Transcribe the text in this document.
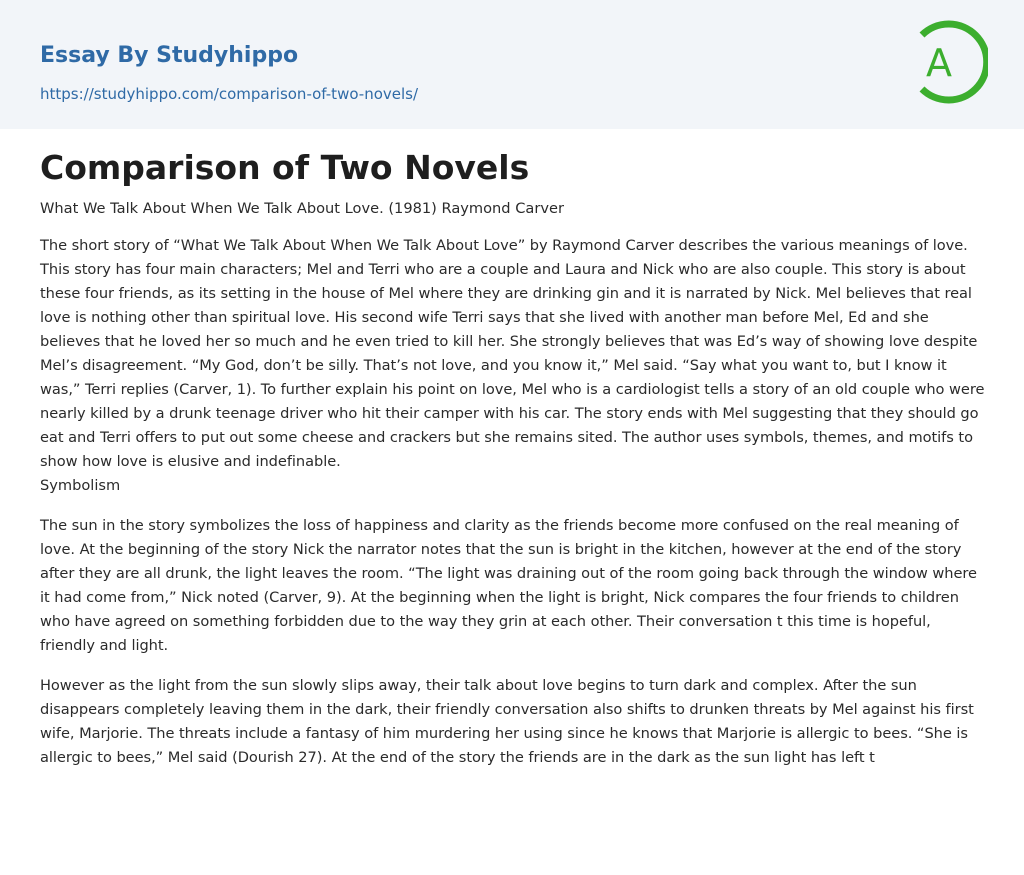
Essay By Studyhippo
https://studyhippo.com/comparison-of-two-novels/
A
Comparison of Two Novels

What We Talk About When We Talk About Love. (1981) Raymond Carver

The short story of “What We Talk About When We Talk About Love” by Raymond Carver describes the various meanings of love. This story has four main characters; Mel and Terri who are a couple and Laura and Nick who are also couple. This story is about these four friends, as its setting in the house of Mel where they are drinking gin and it is narrated by Nick. Mel believes that real love is nothing other than spiritual love. His second wife Terri says that she lived with another man before Mel, Ed and she believes that he loved her so much and he even tried to kill her. She strongly believes that was Ed’s way of showing love despite Mel’s disagreement. “My God, don’t be silly. That’s not love, and you know it,” Mel said. “Say what you want to, but I know it was,” Terri replies (Carver, 1). To further explain his point on love, Mel who is a cardiologist tells a story of an old couple who were nearly killed by a drunk teenage driver who hit their camper with his car. The story ends with Mel suggesting that they should go eat and Terri offers to put out some cheese and crackers but she remains sited. The author uses symbols, themes, and motifs to show how love is elusive and indefinable.

Symbolism

The sun in the story symbolizes the loss of happiness and clarity as the friends become more confused on the real meaning of love. At the beginning of the story Nick the narrator notes that the sun is bright in the kitchen, however at the end of the story after they are all drunk, the light leaves the room. “The light was draining out of the room going back through the window where it had come from,” Nick noted (Carver, 9). At the beginning when the light is bright, Nick compares the four friends to children who have agreed on something forbidden due to the way they grin at each other. Their conversation t this time is hopeful, friendly and light.

However as the light from the sun slowly slips away, their talk about love begins to turn dark and complex. After the sun disappears completely leaving them in the dark, their friendly conversation also shifts to drunken threats by Mel against his first wife, Marjorie. The threats include a fantasy of him murdering her using since he knows that Marjorie is allergic to bees. “She is allergic to bees,” Mel said (Dourish 27). At the end of the story the friends are in the dark as the sun light has left t
